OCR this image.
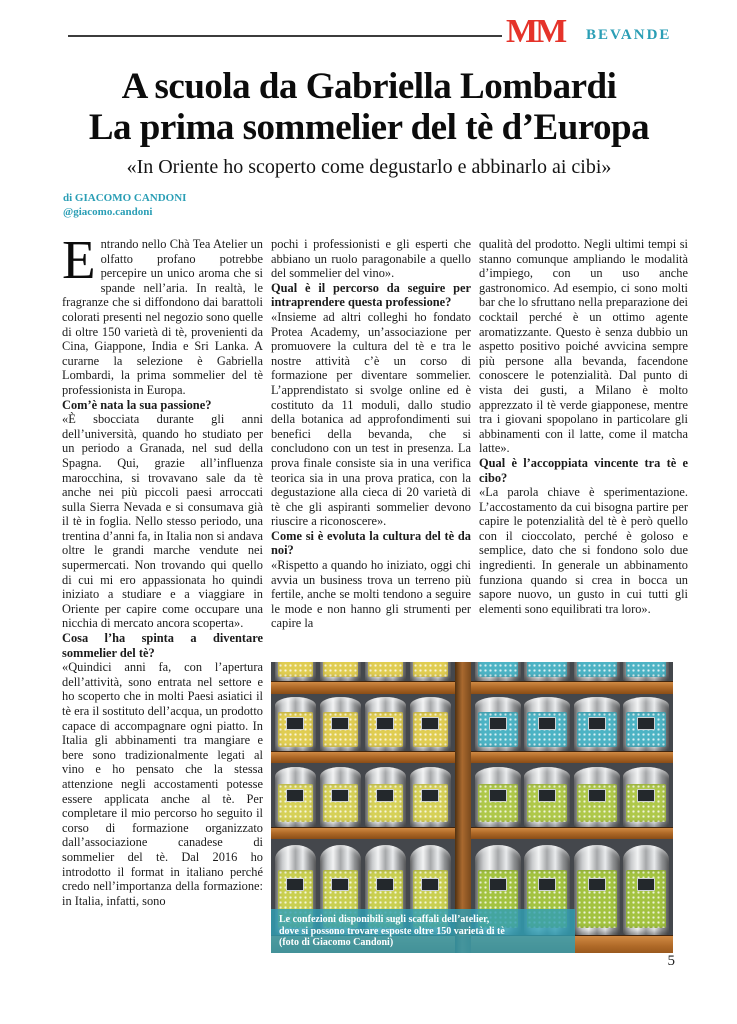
MM BEVANDE
A scuola da Gabriella Lombardi
La prima sommelier del tè d’Europa
«In Oriente ho scoperto come degustarlo e abbinarlo ai cibi»
di GIACOMO CANDONI
@giacomo.candoni

Entrando nello Chà Tea Atelier un olfatto profano potrebbe percepire un unico aroma che si spande nell’aria. In realtà, le fragranze che si diffondono dai barattoli colorati presenti nel negozio sono quelle di oltre 150 varietà di tè, provenienti da Cina, Giappone, India e Sri Lanka. A curarne la selezione è Gabriella Lombardi, la prima sommelier del tè professionista in Europa.

Com’è nata la sua passione?

«È sbocciata durante gli anni dell’università, quando ho studiato per un periodo a Granada, nel sud della Spagna. Qui, grazie all’influenza marocchina, si trovavano sale da tè anche nei più piccoli paesi arroccati sulla Sierra Nevada e si consumava già il tè in foglia. Nello stesso periodo, una trentina d’anni fa, in Italia non si andava oltre le grandi marche vendute nei supermercati. Non trovando qui quello di cui mi ero appassionata ho quindi iniziato a studiare e a viaggiare in Oriente per capire come occupare una nicchia di mercato ancora scoperta».

Cosa l’ha spinta a diventare sommelier del tè?

«Quindici anni fa, con l’apertura dell’attività, sono entrata nel settore e ho scoperto che in molti Paesi asiatici il tè era il sostituto dell’acqua, un prodotto capace di accompagnare ogni piatto. In Italia gli abbinamenti tra mangiare e bere sono tradizionalmente legati al vino e ho pensato che la stessa attenzione negli accostamenti potesse essere applicata anche al tè. Per completare il mio percorso ho seguito il corso di formazione organizzato dall’associazione canadese di sommelier del tè. Dal 2016 ho introdotto il format in italiano perché credo nell’importanza della formazione: in Italia, infatti, sono

pochi i professionisti e gli esperti che abbiano un ruolo paragonabile a quello del sommelier del vino».

Qual è il percorso da seguire per intraprendere questa professione?

«Insieme ad altri colleghi ho fondato Protea Academy, un’associazione per promuovere la cultura del tè e tra le nostre attività c’è un corso di formazione per diventare sommelier. L’apprendistato si svolge online ed è costituto da 11 moduli, dallo studio della botanica ad approfondimenti sui benefici della bevanda, che si concludono con un test in presenza. La prova finale consiste sia in una verifica teorica sia in una prova pratica, con la degustazione alla cieca di 20 varietà di tè che gli aspiranti sommelier devono riuscire a riconoscere».

Come si è evoluta la cultura del tè da noi?

«Rispetto a quando ho iniziato, oggi chi avvia un business trova un terreno più fertile, anche se molti tendono a seguire le mode e non hanno gli strumenti per capire la

qualità del prodotto. Negli ultimi tempi si stanno comunque ampliando le modalità d’impiego, con un uso anche gastronomico. Ad esempio, ci sono molti bar che lo sfruttano nella preparazione dei cocktail perché è un ottimo agente aromatizzante. Questo è senza dubbio un aspetto positivo poiché avvicina sempre più persone alla bevanda, facendone conoscere le potenzialità. Dal punto di vista dei gusti, a Milano è molto apprezzato il tè verde giapponese, mentre tra i giovani spopolano in particolare gli abbinamenti con il latte, come il matcha latte».

Qual è l’accoppiata vincente tra tè e cibo?

«La parola chiave è sperimentazione. L’accostamento da cui bisogna partire per capire le potenzialità del tè è però quello con il cioccolato, perché è goloso e semplice, dato che si fondono solo due ingredienti. In generale un abbinamento funziona quando si crea in bocca un sapore nuovo, un gusto in cui tutti gli elementi sono equilibrati tra loro».

Le confezioni disponibili sugli scaffali dell’atelier,
dove si possono trovare esposte oltre 150 varietà di tè
(foto di Giacomo Candoni)
5
